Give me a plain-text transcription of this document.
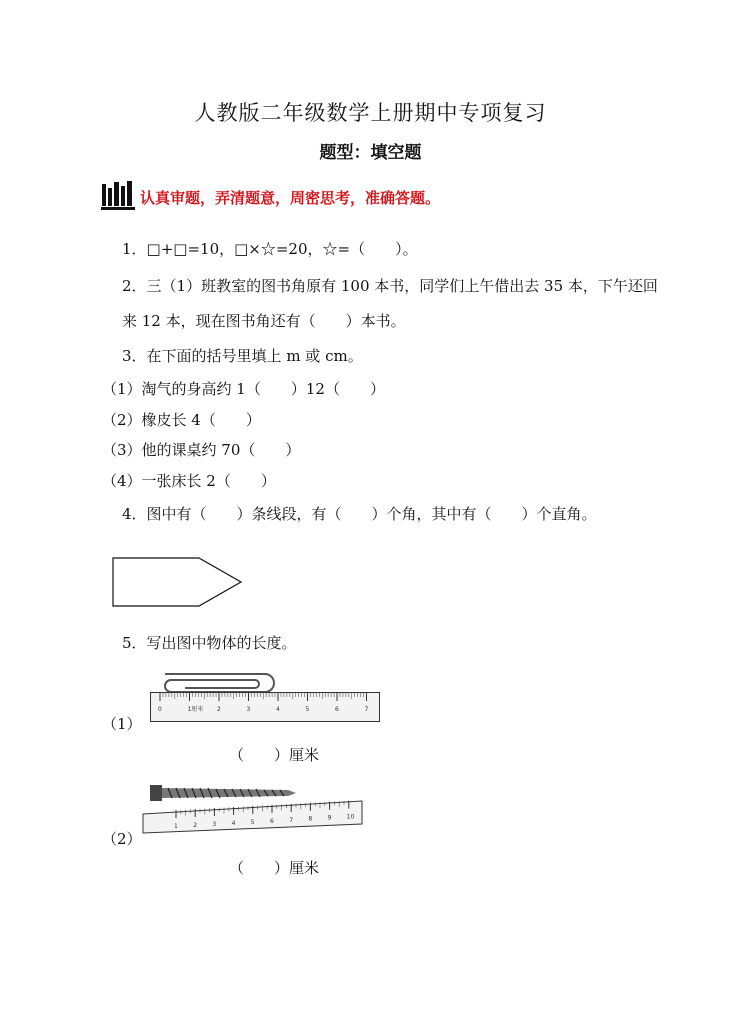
人教版二年级数学上册期中专项复习
题型：填空题
认真审题，弄清题意，周密思考，准确答题。
1．□+□=10，□×☆=20，☆=（　　）。
2．三（1）班教室的图书角原有 100 本书，同学们上午借出去 35 本，下午还回
来 12 本，现在图书角还有（　　）本书。
3．在下面的括号里填上 m 或 cm。
（1）淘气的身高约 1（　　）12（　　）
（2）橡皮长 4（　　）
（3）他的课桌约 70（　　）
（4）一张床长 2（　　）
4．图中有（　　）条线段，有（　　）个角，其中有（　　）个直角。
5．写出图中物体的长度。
（1）
0	1厘米 2	3	4	5	6	7
（　　）厘米
（2）
1	2	3	4	5	6	7	8	9	10
（　　）厘米
